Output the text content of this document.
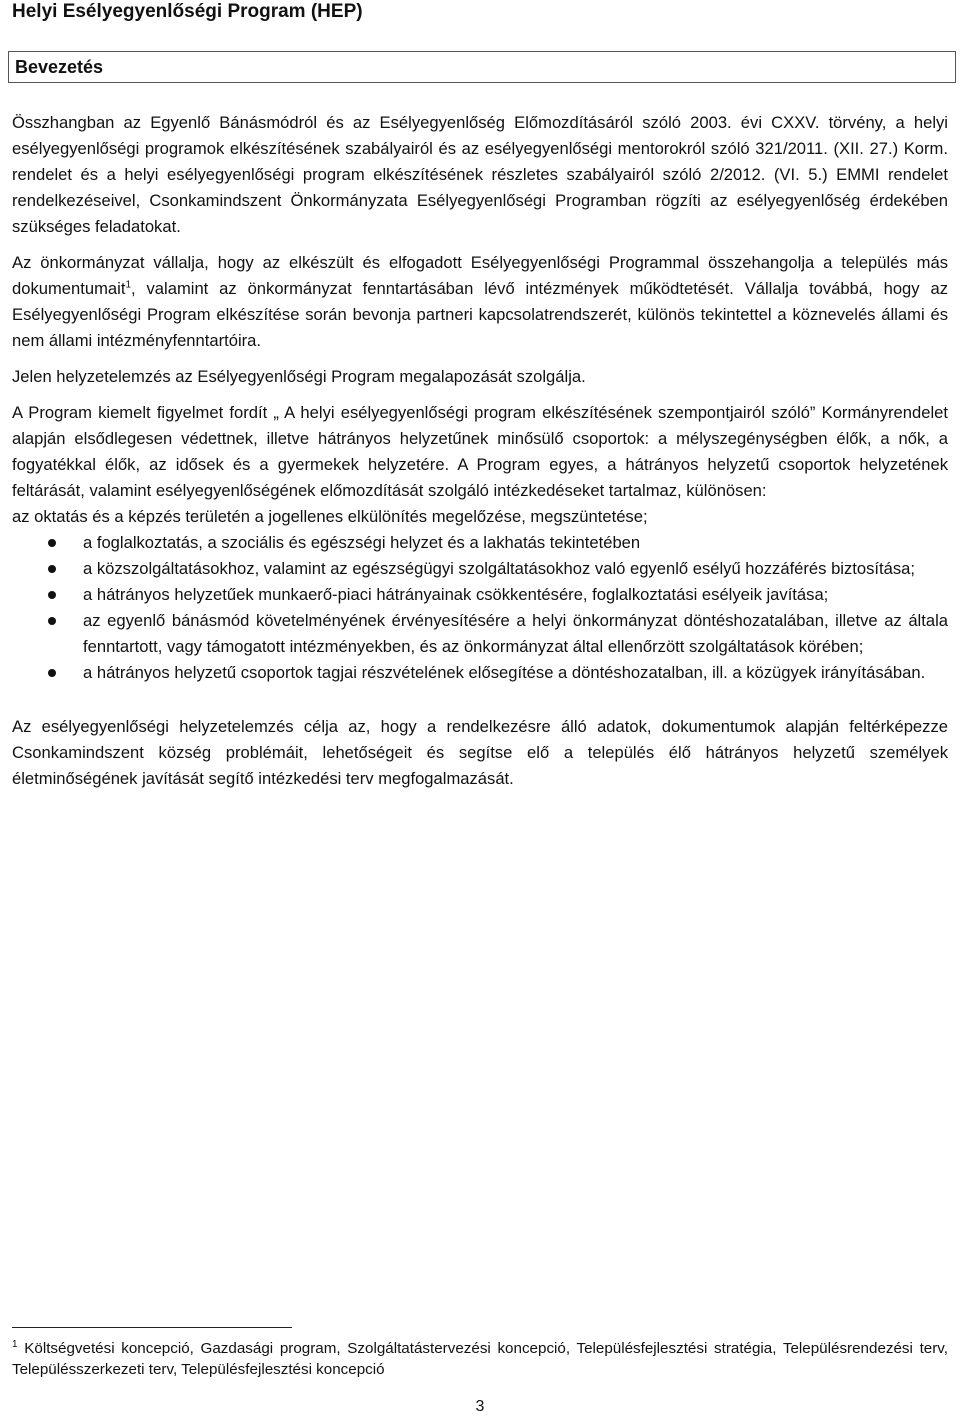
Helyi Esélyegyenlőségi Program (HEP)
Bevezetés

Összhangban az Egyenlő Bánásmódról és az Esélyegyenlőség Előmozdításáról szóló 2003. évi CXXV. törvény, a helyi esélyegyenlőségi programok elkészítésének szabályairól és az esélyegyenlőségi mentorokról szóló 321/2011. (XII. 27.) Korm. rendelet és a helyi esélyegyenlőségi program elkészítésének részletes szabályairól szóló 2/2012. (VI. 5.) EMMI rendelet rendelkezéseivel, Csonkamindszent Önkormányzata Esélyegyenlőségi Programban rögzíti az esélyegyenlőség érdekében szükséges feladatokat.

Az önkormányzat vállalja, hogy az elkészült és elfogadott Esélyegyenlőségi Programmal összehangolja a település más dokumentumait$^1$, valamint az önkormányzat fenntartásában lévő intézmények működtetését. Vállalja továbbá, hogy az Esélyegyenlőségi Program elkészítése során bevonja partneri kapcsolatrendszerét, különös tekintettel a köznevelés állami és nem állami intézményfenntartóira.

Jelen helyzetelemzés az Esélyegyenlőségi Program megalapozását szolgálja.

A Program kiemelt figyelmet fordít „ A helyi esélyegyenlőségi program elkészítésének szempontjairól szóló” Kormányrendelet alapján elsődlegesen védettnek, illetve hátrányos helyzetűnek minősülő csoportok: a mélyszegénységben élők, a nők, a fogyatékkal élők, az idősek és a gyermekek helyzetére. A Program egyes, a hátrányos helyzetű csoportok helyzetének feltárását, valamint esélyegyenlőségének előmozdítását szolgáló intézkedéseket tartalmaz, különösen:

az oktatás és a képzés területén a jogellenes elkülönítés megelőzése, megszüntetése;

a foglalkoztatás, a szociális és egészségi helyzet és a lakhatás tekintetében
a közszolgáltatásokhoz, valamint az egészségügyi szolgáltatásokhoz való egyenlő esélyű hozzáférés biztosítása;
a hátrányos helyzetűek munkaerő-piaci hátrányainak csökkentésére, foglalkoztatási esélyeik javítása;
az egyenlő bánásmód követelményének érvényesítésére a helyi önkormányzat döntéshozatalában, illetve az általa fenntartott, vagy támogatott intézményekben, és az önkormányzat által ellenőrzött szolgáltatások körében;
a hátrányos helyzetű csoportok tagjai részvételének elősegítése a döntéshozatalban, ill. a közügyek irányításában.

Az esélyegyenlőségi helyzetelemzés célja az, hogy a rendelkezésre álló adatok, dokumentumok alapján feltérképezze Csonkamindszent község problémáit, lehetőségeit és segítse elő a település élő hátrányos helyzetű személyek életminőségének javítását segítő intézkedési terv megfogalmazását.

$^1$ Költségvetési koncepció, Gazdasági program, Szolgáltatástervezési koncepció, Településfejlesztési stratégia, Településrendezési terv, Településszerkezeti terv, Településfejlesztési koncepció
3
